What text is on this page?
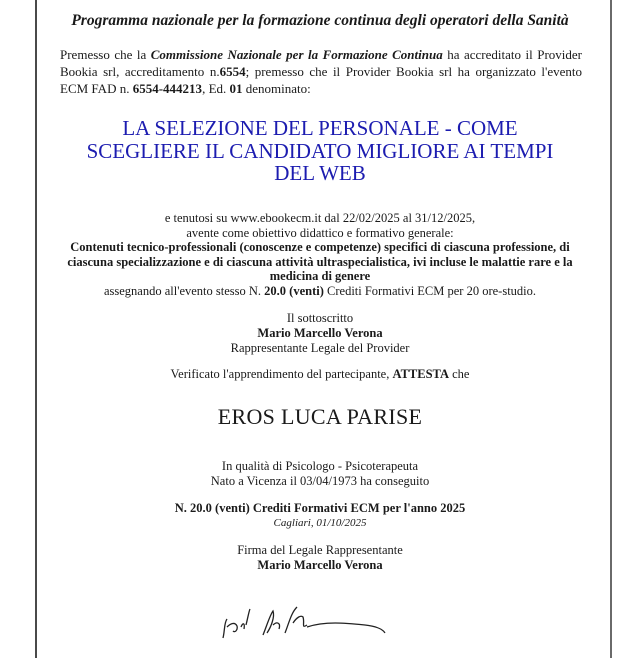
Programma nazionale per la formazione continua degli operatori della Sanità
Premesso che la Commissione Nazionale per la Formazione Continua ha accreditato il Provider Bookia srl, accreditamento n.6554; premesso che il Provider Bookia srl ha organizzato l'evento ECM FAD n. 6554-444213, Ed. 01 denominato:
LA SELEZIONE DEL PERSONALE - COME SCEGLIERE IL CANDIDATO MIGLIORE AI TEMPI DEL WEB
e tenutosi su www.ebookecm.it dal 22/02/2025 al 31/12/2025,
avente come obiettivo didattico e formativo generale:
Contenuti tecnico-professionali (conoscenze e competenze) specifici di ciascuna professione, di ciascuna specializzazione e di ciascuna attività ultraspecialistica, ivi incluse le malattie rare e la medicina di genere
assegnando all'evento stesso N. 20.0 (venti) Crediti Formativi ECM per 20 ore-studio.
Il sottoscritto
Mario Marcello Verona
Rappresentante Legale del Provider
Verificato l'apprendimento del partecipante, ATTESTA che
EROS LUCA PARISE
In qualità di Psicologo - Psicoterapeuta
Nato a Vicenza il 03/04/1973 ha conseguito
N. 20.0 (venti) Crediti Formativi ECM per l'anno 2025
Cagliari, 01/10/2025
Firma del Legale Rappresentante
Mario Marcello Verona
